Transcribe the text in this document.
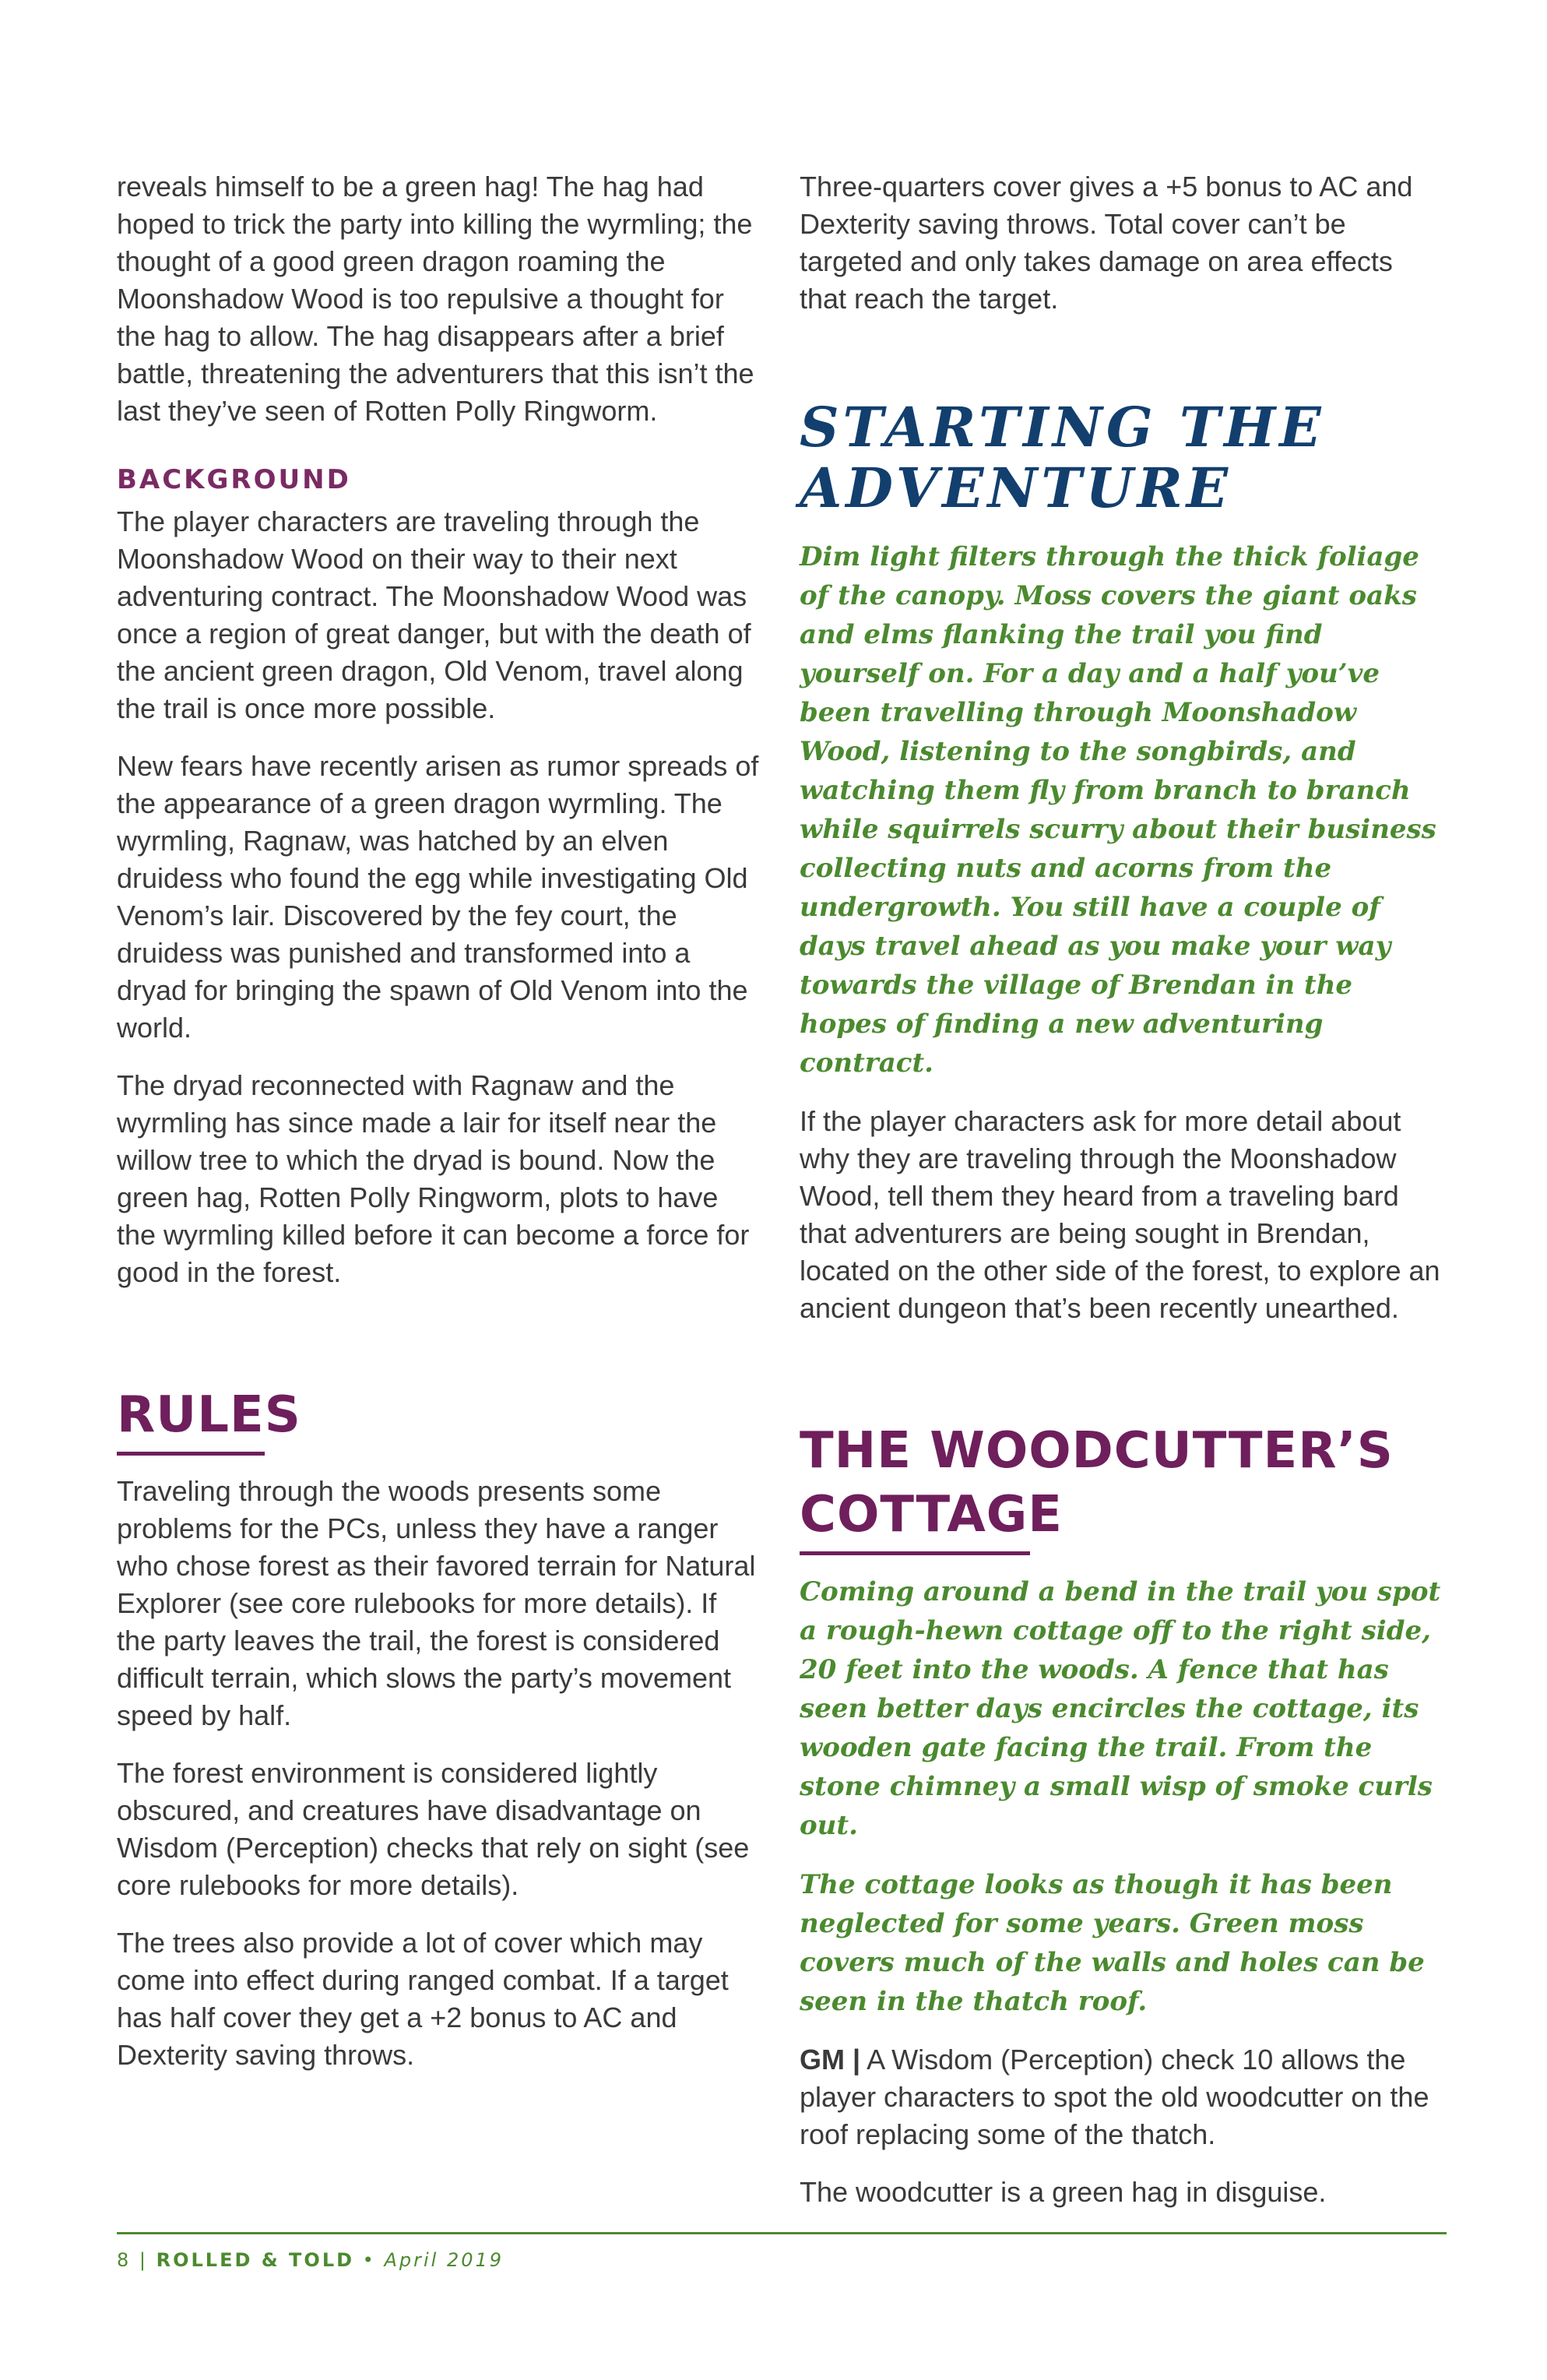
reveals himself to be a green hag! The hag had hoped to trick the party into killing the wyrmling; the thought of a good green dragon roaming the Moonshadow Wood is too repulsive a thought for the hag to allow. The hag disappears after a brief battle, threatening the adventurers that this isn’t the last they’ve seen of Rotten Polly Ringworm.

BACKGROUND

The player characters are traveling through the Moonshadow Wood on their way to their next adventuring contract. The Moonshadow Wood was once a region of great danger, but with the death of the ancient green dragon, Old Venom, travel along the trail is once more possible.

New fears have recently arisen as rumor spreads of the appearance of a green dragon wyrmling. The wyrmling, Ragnaw, was hatched by an elven druidess who found the egg while investigating Old Venom’s lair. Discovered by the fey court, the druidess was punished and transformed into a dryad for bringing the spawn of Old Venom into the world.

The dryad reconnected with Ragnaw and the wyrmling has since made a lair for itself near the willow tree to which the dryad is bound. Now the green hag, Rotten Polly Ringworm, plots to have the wyrmling killed before it can become a force for good in the forest.

RULES

Traveling through the woods presents some problems for the PCs, unless they have a ranger who chose forest as their favored terrain for Natural Explorer (see core rulebooks for more details). If the party leaves the trail, the forest is considered difficult terrain, which slows the party’s movement speed by half.

The forest environment is considered lightly obscured, and creatures have disadvantage on Wisdom (Perception) checks that rely on sight (see core rulebooks for more details).

The trees also provide a lot of cover which may come into effect during ranged combat. If a target has half cover they get a +2 bonus to AC and Dexterity saving throws.

Three-quarters cover gives a +5 bonus to AC and Dexterity saving throws. Total cover can’t be targeted and only takes damage on area effects that reach the target.

STARTING THE ADVENTURE

Dim light filters through the thick foliage of the canopy. Moss covers the giant oaks and elms flanking the trail you find yourself on. For a day and a half you’ve been travelling through Moonshadow Wood, listening to the songbirds, and watching them fly from branch to branch while squirrels scurry about their business collecting nuts and acorns from the undergrowth. You still have a couple of days travel ahead as you make your way towards the village of Brendan in the hopes of finding a new adventuring contract.

If the player characters ask for more detail about why they are traveling through the Moonshadow Wood, tell them they heard from a traveling bard that adventurers are being sought in Brendan, located on the other side of the forest, to explore an ancient dungeon that’s been recently unearthed.

THE WOODCUTTER’S COTTAGE

Coming around a bend in the trail you spot a rough-hewn cottage off to the right side, 20 feet into the woods. A fence that has seen better days encircles the cottage, its wooden gate facing the trail. From the stone chimney a small wisp of smoke curls out.

The cottage looks as though it has been neglected for some years. Green moss covers much of the walls and holes can be seen in the thatch roof.

GM | A Wisdom (Perception) check 10 allows the player characters to spot the old woodcutter on the roof replacing some of the thatch.

The woodcutter is a green hag in disguise.

8 | ROLLED & TOLD • April 2019
